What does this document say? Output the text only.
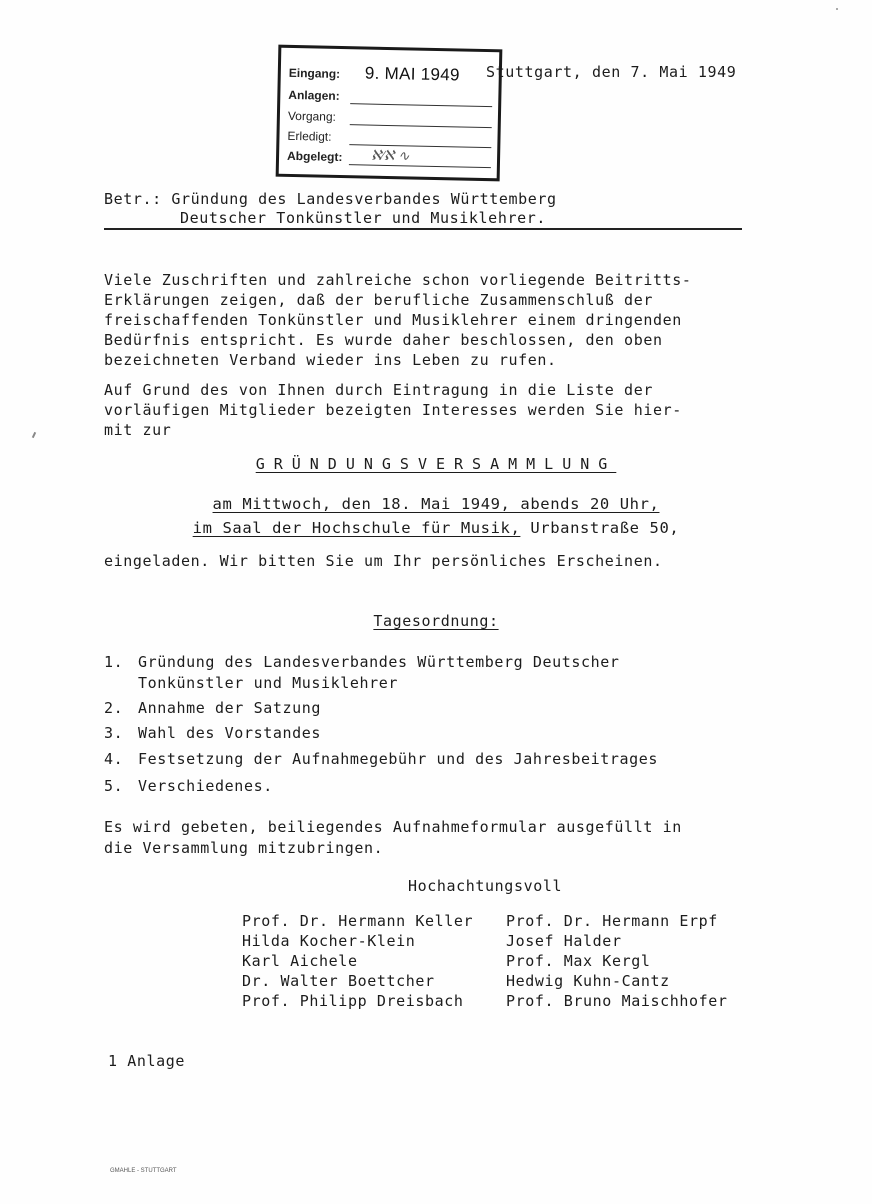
Eingang: 9. MAI 1949
Anlagen:
Vorgang:
Erledigt:
Abgelegt: ℵ⁄ℵ ∿
Stuttgart, den 7. Mai 1949
Betr.: Gründung des Landesverbandes Württemberg
Deutscher Tonkünstler und Musiklehrer.
Viele Zuschriften und zahlreiche schon vorliegende Beitritts-
Erklärungen zeigen, daß der berufliche Zusammenschluß der
freischaffenden Tonkünstler und Musiklehrer einem dringenden
Bedürfnis entspricht. Es wurde daher beschlossen, den oben
bezeichneten Verband wieder ins Leben zu rufen.
Auf Grund des von Ihnen durch Eintragung in die Liste der
vorläufigen Mitglieder bezeigten Interesses werden Sie hier-
mit zur
GRÜNDUNGSVERSAMMLUNG
am Mittwoch, den 18. Mai 1949, abends 20 Uhr,
im Saal der Hochschule für Musik, Urbanstraße 50,
eingeladen. Wir bitten Sie um Ihr persönliches Erscheinen.
Tagesordnung:
1. Gründung des Landesverbandes Württemberg Deutscher
Tonkünstler und Musiklehrer
2. Annahme der Satzung
3. Wahl des Vorstandes
4. Festsetzung der Aufnahmegebühr und des Jahresbeitrages
5. Verschiedenes.
Es wird gebeten, beiliegendes Aufnahmeformular ausgefüllt in
die Versammlung mitzubringen.
Hochachtungsvoll
Prof. Dr. Hermann Keller
Hilda Kocher-Klein
Karl Aichele
Dr. Walter Boettcher
Prof. Philipp Dreisbach
Prof. Dr. Hermann Erpf
Josef Halder
Prof. Max Kergl
Hedwig Kuhn-Cantz
Prof. Bruno Maischhofer
1 Anlage
GMAHLE - STUTTGART
